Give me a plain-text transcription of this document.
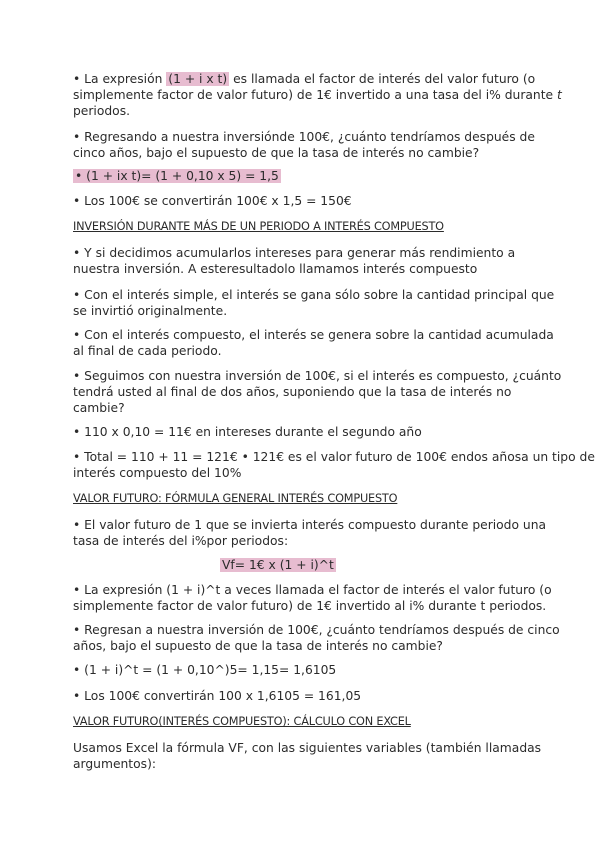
• La expresión (1 + i x t) es llamada el factor de interés del valor futuro (o
simplemente factor de valor futuro) de 1€ invertido a una tasa del i% durante t
periodos.
• Regresando a nuestra inversiónde 100€, ¿cuánto tendríamos después de
cinco años, bajo el supuesto de que la tasa de interés no cambie?
• (1 + ix t)= (1 + 0,10 x 5) = 1,5
• Los 100€ se convertirán 100€ x 1,5 = 150€
INVERSIÓN DURANTE MÁS DE UN PERIODO A INTERÉS COMPUESTO
• Y si decidimos acumularlos intereses para generar más rendimiento a
nuestra inversión. A esteresultadolo llamamos interés compuesto
• Con el interés simple, el interés se gana sólo sobre la cantidad principal que
se invirtió originalmente.
• Con el interés compuesto, el interés se genera sobre la cantidad acumulada
al final de cada periodo.
• Seguimos con nuestra inversión de 100€, si el interés es compuesto, ¿cuánto
tendrá usted al final de dos años, suponiendo que la tasa de interés no
cambie?
• 110 x 0,10 = 11€ en intereses durante el segundo año
• Total = 110 + 11 = 121€ • 121€ es el valor futuro de 100€ endos añosa un tipo de
interés compuesto del 10%
VALOR FUTURO: FÓRMULA GENERAL INTERÉS COMPUESTO
• El valor futuro de 1 que se invierta interés compuesto durante periodo una
tasa de interés del i%por periodos:
Vf= 1€ x (1 + i)^t
• La expresión (1 + i)^t a veces llamada el factor de interés el valor futuro (o
simplemente factor de valor futuro) de 1€ invertido al i% durante t periodos.
• Regresan a nuestra inversión de 100€, ¿cuánto tendríamos después de cinco
años, bajo el supuesto de que la tasa de interés no cambie?
• (1 + i)^t = (1 + 0,10^)5= 1,15= 1,6105
• Los 100€ convertirán 100 x 1,6105 = 161,05
VALOR FUTURO(INTERÉS COMPUESTO): CÁLCULO CON EXCEL
Usamos Excel la fórmula VF, con las siguientes variables (también llamadas
argumentos):
